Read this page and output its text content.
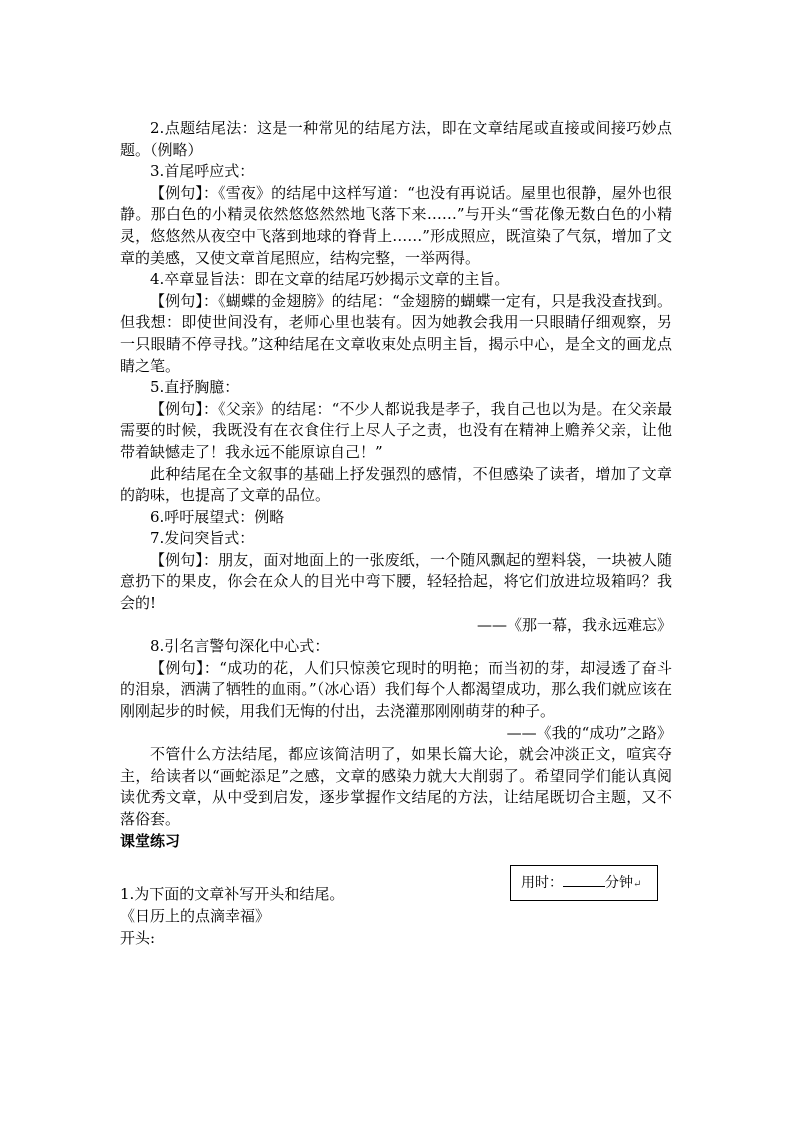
2.点题结尾法：这是一种常见的结尾方法，即在文章结尾或直接或间接巧妙点题。（例略）

3.首尾呼应式：

【例句】：《雪夜》的结尾中这样写道：“也没有再说话。屋里也很静，屋外也很静。那白色的小精灵依然悠悠然然地飞落下来……”与开头“雪花像无数白色的小精灵，悠悠然从夜空中飞落到地球的脊背上……”形成照应，既渲染了气氛，增加了文章的美感，又使文章首尾照应，结构完整，一举两得。

4.卒章显旨法：即在文章的结尾巧妙揭示文章的主旨。

【例句】：《蝴蝶的金翅膀》的结尾：“金翅膀的蝴蝶一定有，只是我没查找到。但我想：即使世间没有，老师心里也装有。因为她教会我用一只眼睛仔细观察，另一只眼睛不停寻找。”这种结尾在文章收束处点明主旨，揭示中心，是全文的画龙点睛之笔。

5.直抒胸臆：

【例句】：《父亲》的结尾：“不少人都说我是孝子，我自己也以为是。在父亲最需要的时候，我既没有在衣食住行上尽人子之责，也没有在精神上赡养父亲，让他带着缺憾走了！我永远不能原谅自己！”

此种结尾在全文叙事的基础上抒发强烈的感情，不但感染了读者，增加了文章的韵味，也提高了文章的品位。

6.呼吁展望式：例略

7.发问突旨式：

【例句】：朋友，面对地面上的一张废纸，一个随风飘起的塑料袋，一块被人随意扔下的果皮，你会在众人的目光中弯下腰，轻轻拾起，将它们放进垃圾箱吗？我会的!

——《那一幕，我永远难忘》

8.引名言警句深化中心式：

【例句】：“成功的花，人们只惊羡它现时的明艳；而当初的芽，却浸透了奋斗的泪泉，洒满了牺牲的血雨。”（冰心语）我们每个人都渴望成功，那么我们就应该在刚刚起步的时候，用我们无悔的付出，去浇灌那刚刚萌芽的种子。

——《我的“成功”之路》

不管什么方法结尾，都应该简洁明了，如果长篇大论，就会冲淡正文，喧宾夺主，给读者以“画蛇添足”之感，文章的感染力就大大削弱了。希望同学们能认真阅读优秀文章，从中受到启发，逐步掌握作文结尾的方法，让结尾既切合主题，又不落俗套。

课堂练习

用时：	分钟↵
1.为下面的文章补写开头和结尾。
《日历上的点滴幸福》
开头:
